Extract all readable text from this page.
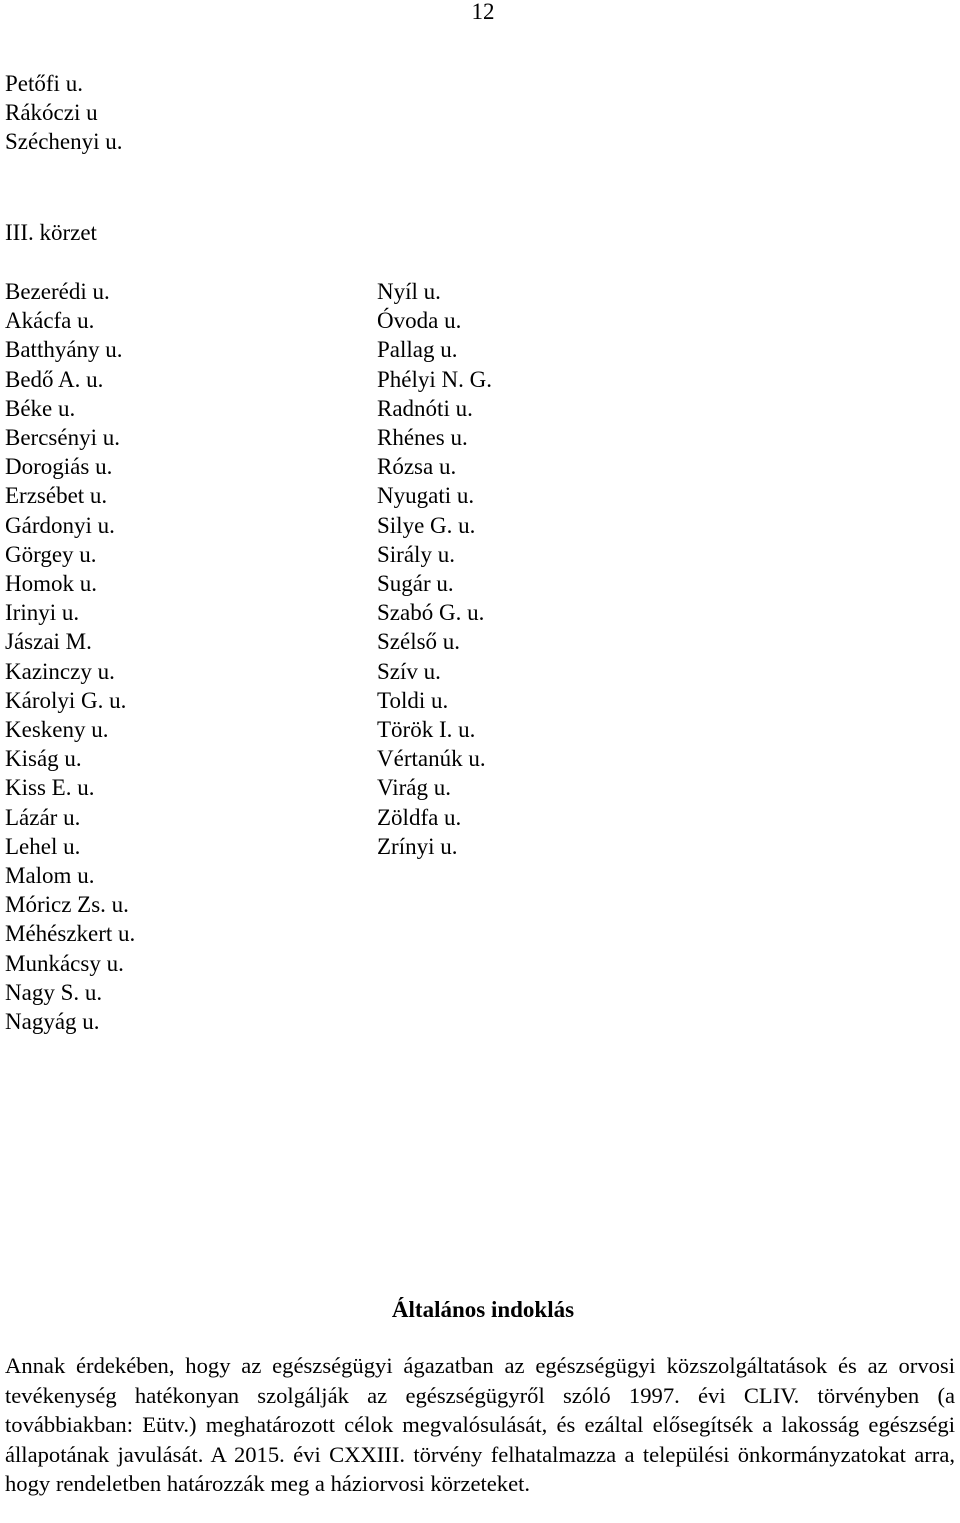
12
Petőfi u.
Rákóczi u
Széchenyi u.
III. körzet
Bezerédi u.
Akácfa u.
Batthyány u.
Bedő A. u.
Béke u.
Bercsényi u.
Dorogiás u.
Erzsébet u.
Gárdonyi u.
Görgey u.
Homok u.
Irinyi u.
Jászai M.
Kazinczy u.
Károlyi G. u.
Keskeny u.
Kiság u.
Kiss E. u.
Lázár u.
Lehel u.
Malom u.
Móricz Zs. u.
Méhészkert u.
Munkácsy u.
Nagy S. u.
Nagyág u.
Nyíl u.
Óvoda u.
Pallag u.
Phélyi N. G.
Radnóti u.
Rhénes u.
Rózsa u.
Nyugati u.
Silye G. u.
Sirály u.
Sugár u.
Szabó G. u.
Szélső u.
Szív u.
Toldi u.
Török I. u.
Vértanúk u.
Virág u.
Zöldfa u.
Zrínyi u.
Általános indoklás

Annak érdekében, hogy az egészségügyi ágazatban az egészségügyi közszolgáltatások és az orvosi tevékenység hatékonyan szolgálják az egészségügyről szóló 1997. évi CLIV. törvényben (a továbbiakban: Eütv.) meghatározott célok megvalósulását, és ezáltal elősegítsék a lakosság egészségi állapotának javulását. A 2015. évi CXXIII. törvény felhatalmazza a települési önkormányzatokat arra, hogy rendeletben határozzák meg a háziorvosi körzeteket.
